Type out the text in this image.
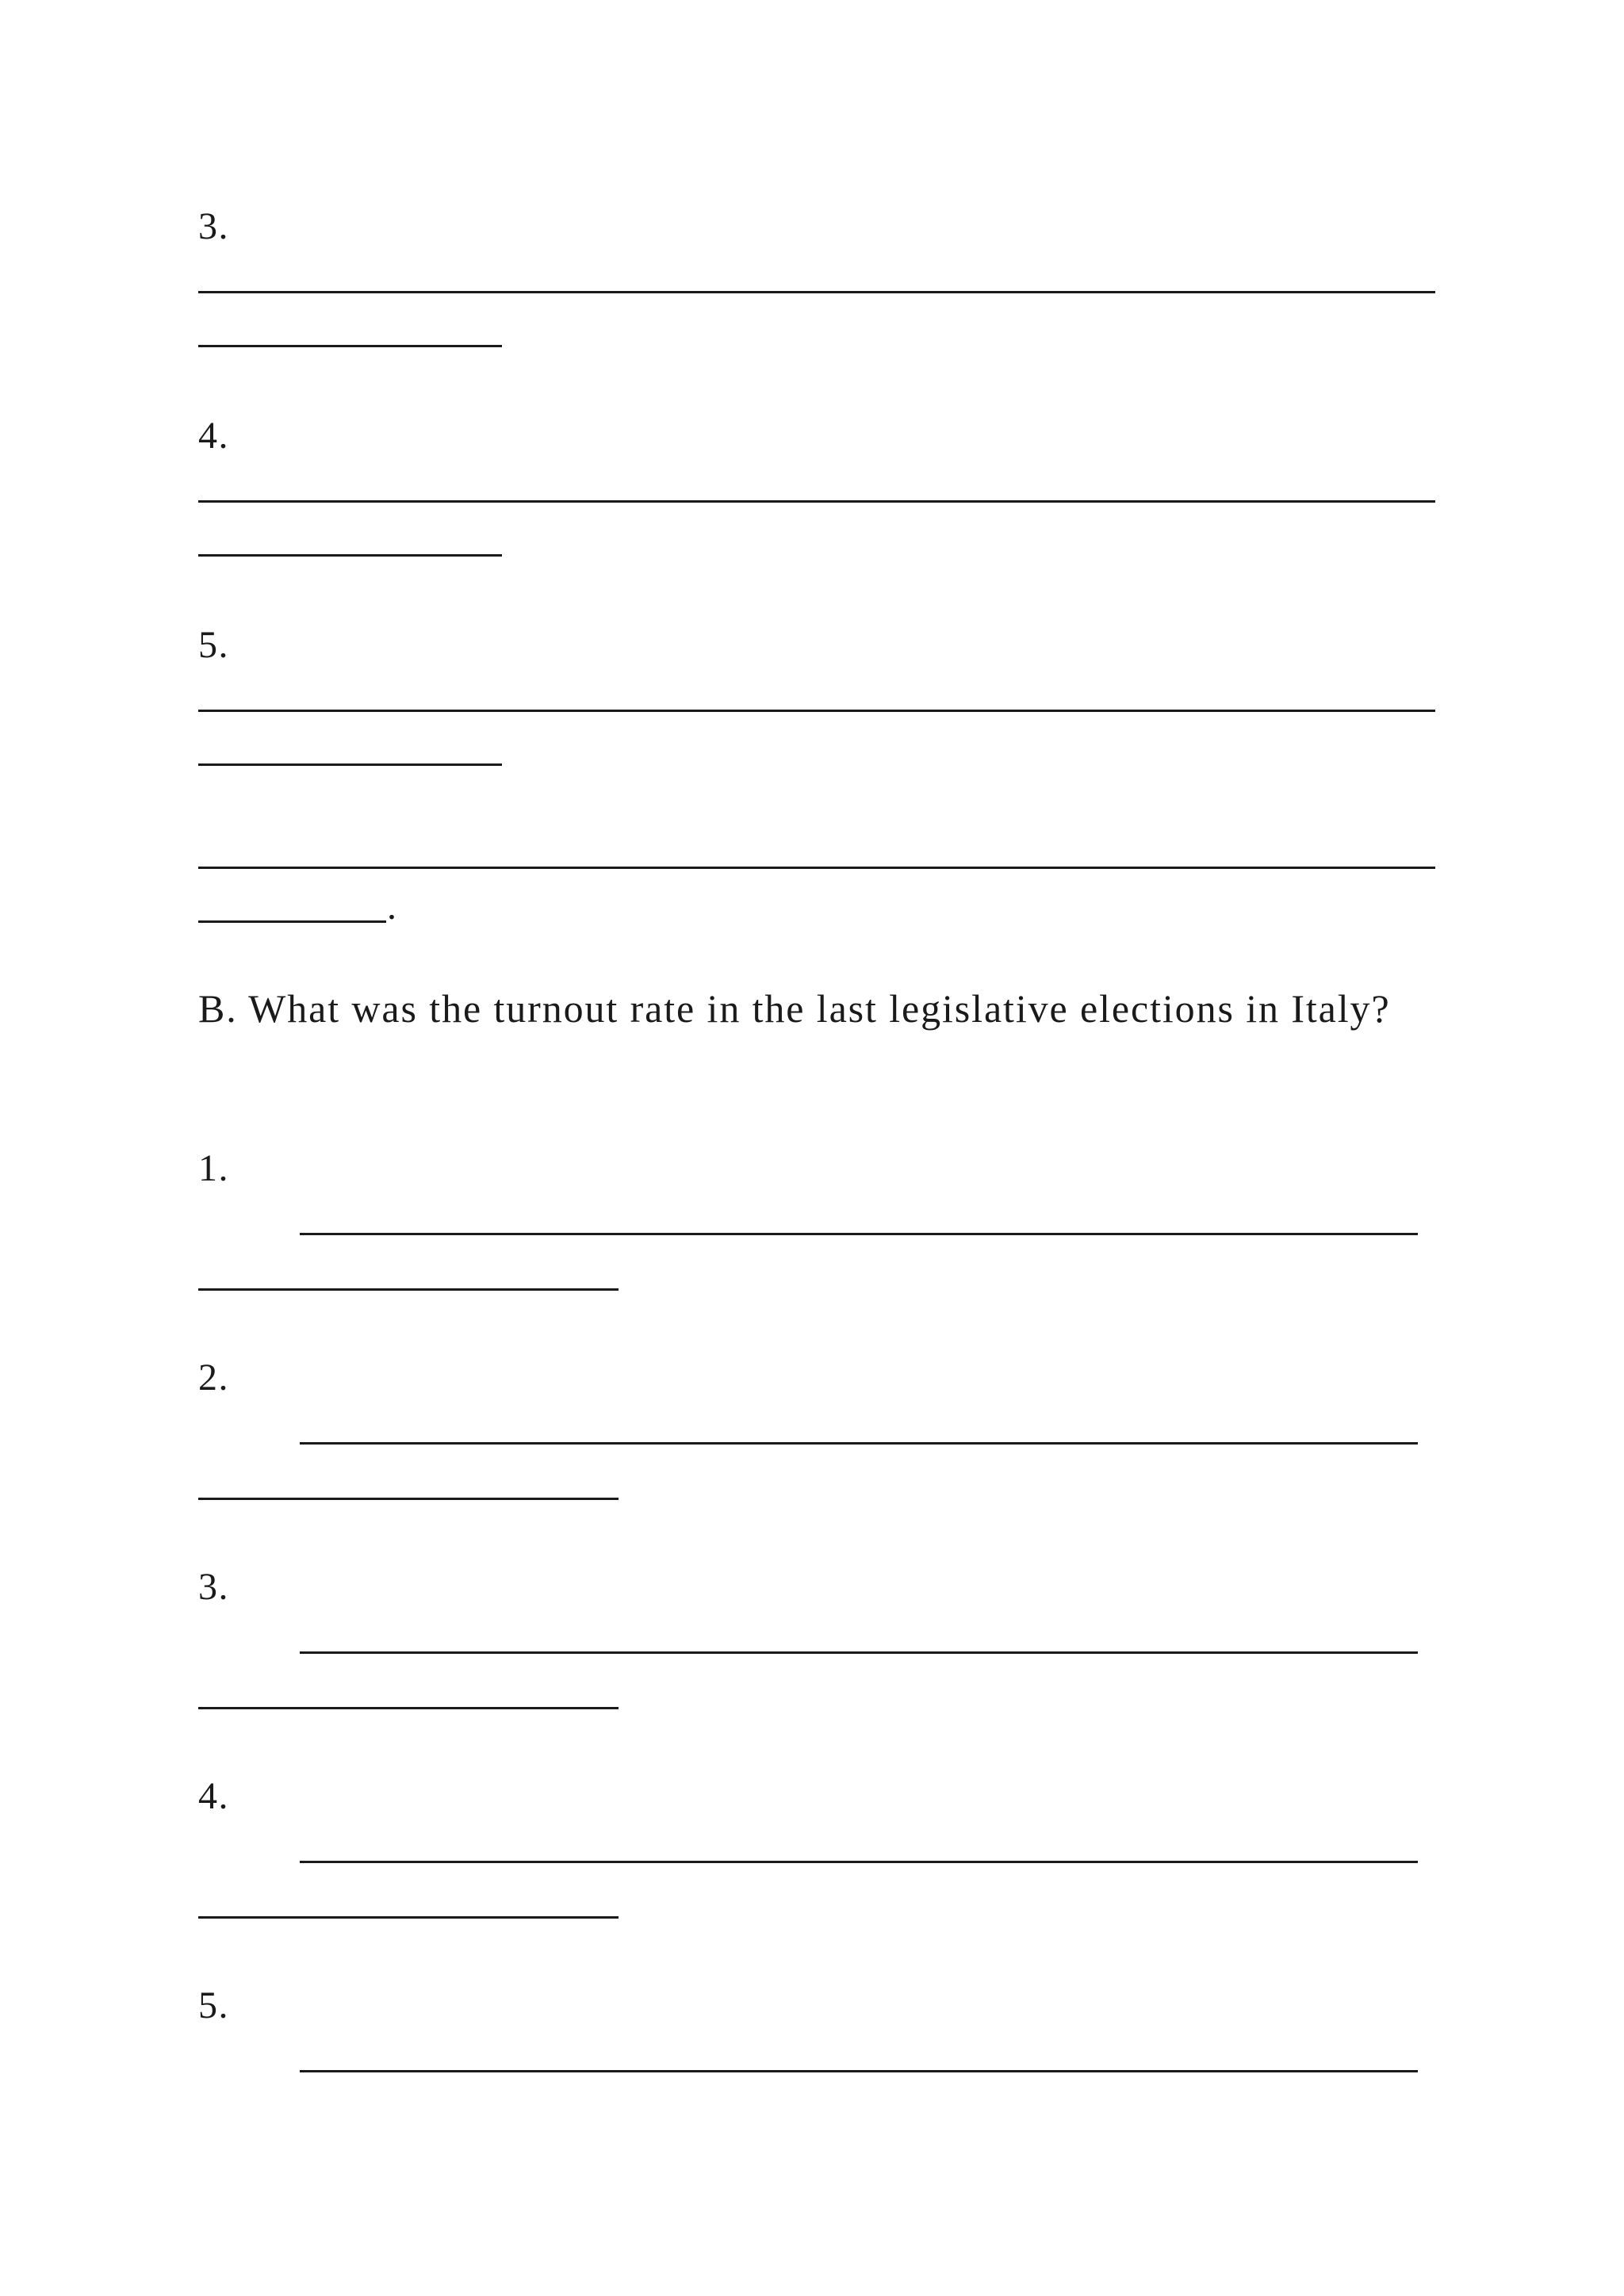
3.
4.
5.
.
B. What was the turnout rate in the last legislative elections in Italy?
1.
2.
3.
4.
5.
